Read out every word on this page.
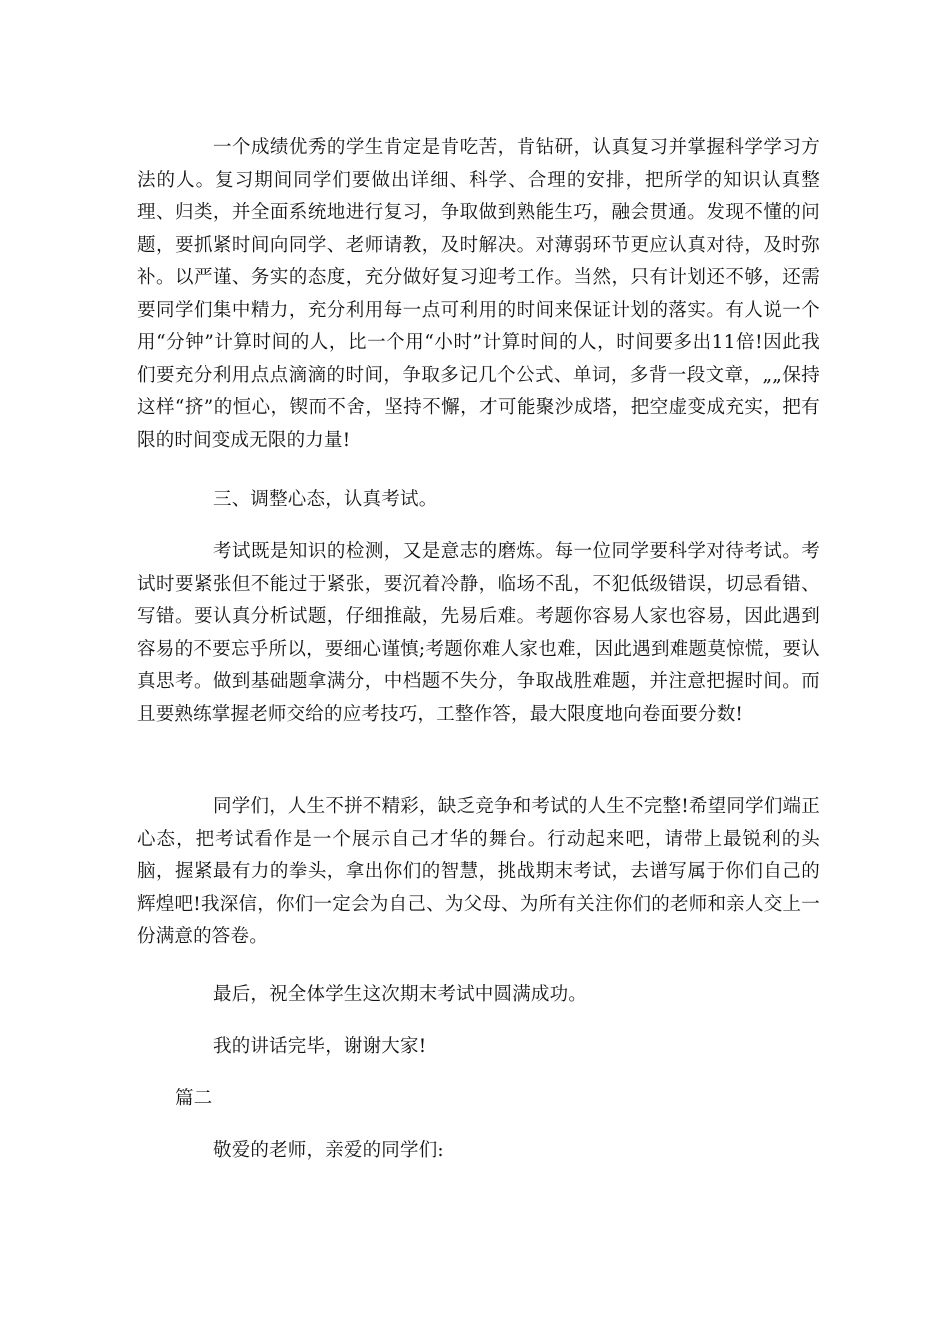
一个成绩优秀的学生肯定是肯吃苦，肯钻研，认真复习并掌握科学学习方法的人。复习期间同学们要做出详细、科学、合理的安排，把所学的知识认真整理、归类，并全面系统地进行复习，争取做到熟能生巧，融会贯通。发现不懂的问题，要抓紧时间向同学、老师请教，及时解决。对薄弱环节更应认真对待，及时弥补。以严谨、务实的态度，充分做好复习迎考工作。当然，只有计划还不够，还需要同学们集中精力，充分利用每一点可利用的时间来保证计划的落实。有人说一个用“分钟”计算时间的人，比一个用“小时”计算时间的人，时间要多出11倍!因此我们要充分利用点点滴滴的时间，争取多记几个公式、单词，多背一段文章，„„保持这样“挤”的恒心，锲而不舍，坚持不懈，才可能聚沙成塔，把空虚变成充实，把有限的时间变成无限的力量!

三、调整心态，认真考试。

考试既是知识的检测，又是意志的磨炼。每一位同学要科学对待考试。考试时要紧张但不能过于紧张，要沉着冷静，临场不乱，不犯低级错误，切忌看错、写错。要认真分析试题，仔细推敲，先易后难。考题你容易人家也容易，因此遇到容易的不要忘乎所以，要细心谨慎;考题你难人家也难，因此遇到难题莫惊慌，要认真思考。做到基础题拿满分，中档题不失分，争取战胜难题，并注意把握时间。而且要熟练掌握老师交给的应考技巧，工整作答，最大限度地向卷面要分数!

同学们，人生不拼不精彩，缺乏竞争和考试的人生不完整!希望同学们端正心态，把考试看作是一个展示自己才华的舞台。行动起来吧，请带上最锐利的头脑，握紧最有力的拳头，拿出你们的智慧，挑战期末考试，去谱写属于你们自己的辉煌吧!我深信，你们一定会为自己、为父母、为所有关注你们的老师和亲人交上一份满意的答卷。

最后，祝全体学生这次期末考试中圆满成功。

我的讲话完毕，谢谢大家!

篇二

敬爱的老师，亲爱的同学们:
